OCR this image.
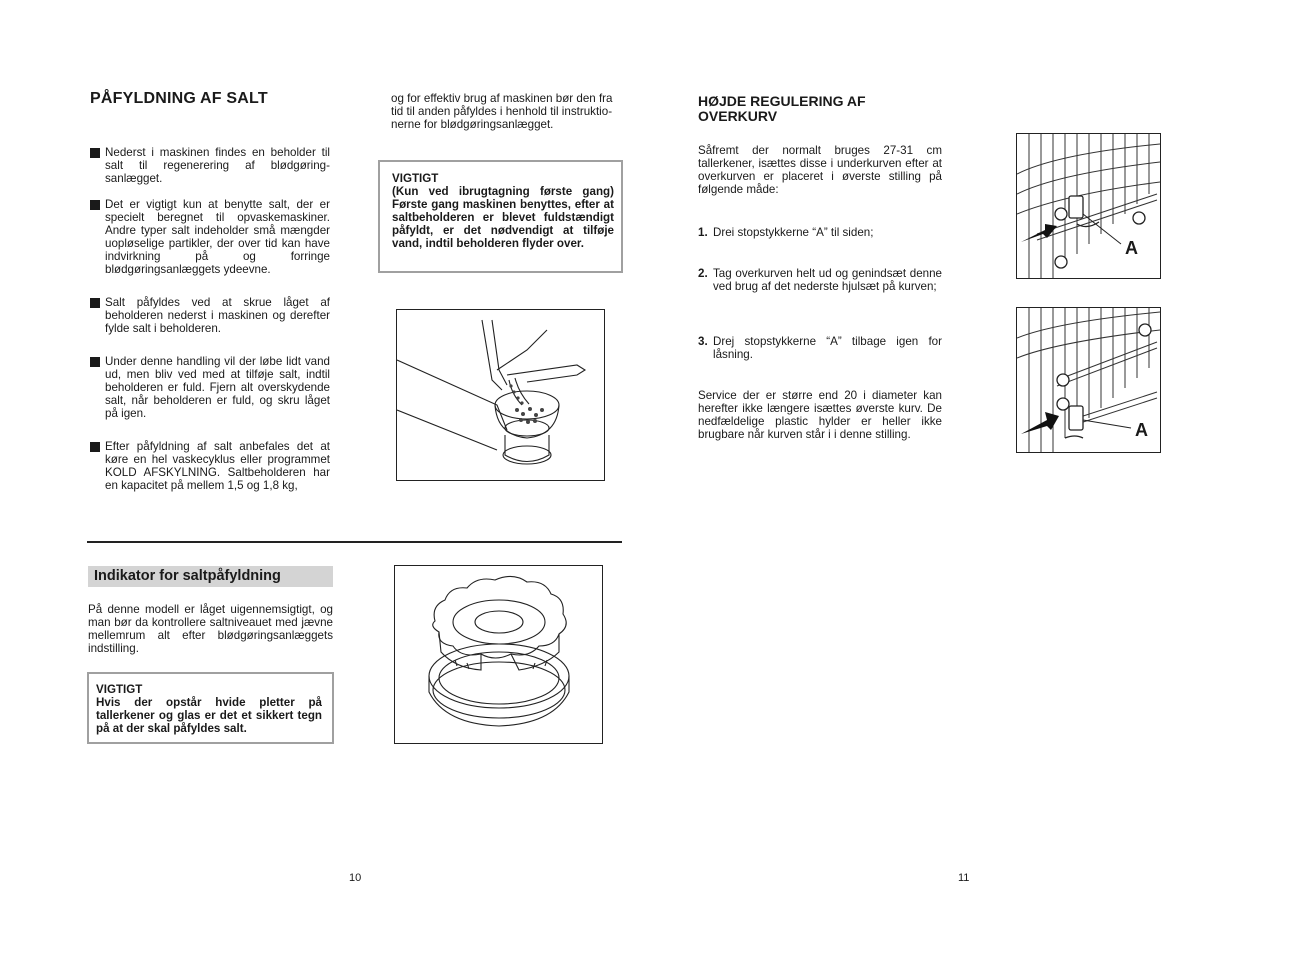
PÅFYLDNING AF SALT
Nederst i maskinen findes en beholder til salt til regenerering af blødgøring-sanlægget.
Det er vigtigt kun at benytte salt, der er specielt beregnet til opvaskemaskiner. Andre typer salt indeholder små mængder uopløselige partikler, der over tid kan have indvirkning på og forringe blødgøringsanlæggets ydeevne.
Salt påfyldes ved at skrue låget af beholderen nederst i maskinen og derefter fylde salt i beholderen.
Under denne handling vil der løbe lidt vand ud, men bliv ved med at tilføje salt, indtil beholderen er fuld. Fjern alt overskydende salt, når beholderen er fuld, og skru låget på igen.
Efter påfyldning af salt anbefales det at køre en hel vaskecyklus eller programmet KOLD AFSKYLNING. Saltbeholderen har en kapacitet på mellem 1,5 og 1,8 kg,
og for effektiv brug af maskinen bør den fra tid til anden påfyldes i henhold til instruktio-nerne for blødgøringsanlægget.
VIGTIGT
(Kun ved ibrugtagning første gang) Første gang maskinen benyttes, efter at saltbeholderen er blevet fuldstændigt påfyldt, er det nødvendigt at tilføje vand, indtil beholderen flyder over.
Indikator for saltpåfyldning
På denne modell er låget uigennemsigtigt, og man bør da kontrollere saltniveauet med jævne mellemrum alt efter blødgøringsanlæggets indstilling.
VIGTIGT
Hvis der opstår hvide pletter på tallerkener og glas er det et sikkert tegn på at der skal påfyldes salt.
10
HØJDE REGULERING AF OVERKURV
Såfremt der normalt bruges 27-31 cm tallerkener, isættes disse i underkurven efter at overkurven er placeret i øverste stilling på følgende måde:
1. Drei stopstykkerne “A” til siden;
2. Tag overkurven helt ud og genindsæt denne ved brug af det nederste hjulsæt på kurven;
3. Drej stopstykkerne “A” tilbage igen for låsning.
Service der er større end 20 i diameter kan herefter ikke længere isættes øverste kurv. De nedfældelige plastic hylder er heller ikke brugbare når kurven står i i denne stilling.
A
A
11
